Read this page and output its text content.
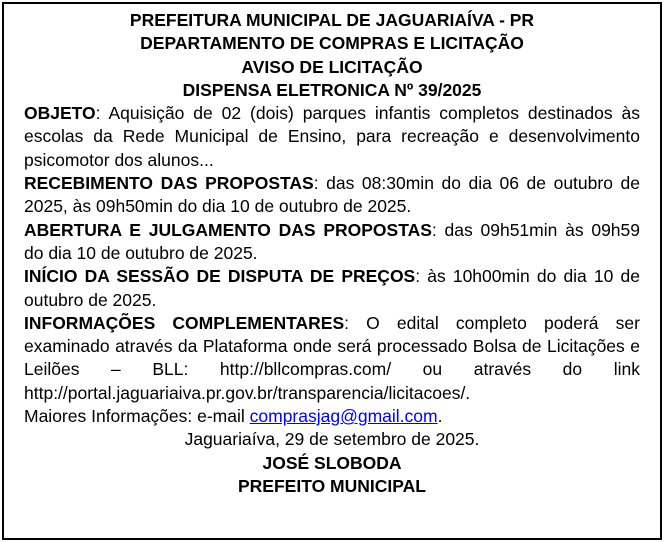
PREFEITURA MUNICIPAL DE JAGUARIAÍVA - PR
DEPARTAMENTO DE COMPRAS E LICITAÇÃO
AVISO DE LICITAÇÃO
DISPENSA ELETRONICA Nº 39/2025
OBJETO: Aquisição de 02 (dois) parques infantis completos destinados às escolas da Rede Municipal de Ensino, para recreação e desenvolvimento psicomotor dos alunos...
RECEBIMENTO DAS PROPOSTAS: das 08:30min do dia 06 de outubro de 2025, às 09h50min do dia 10 de outubro de 2025.
ABERTURA E JULGAMENTO DAS PROPOSTAS: das 09h51min às 09h59 do dia 10 de outubro de 2025.
INÍCIO DA SESSÃO DE DISPUTA DE PREÇOS: às 10h00min do dia 10 de outubro de 2025.
INFORMAÇÕES COMPLEMENTARES: O edital completo poderá ser examinado através da Plataforma onde será processado Bolsa de Licitações e Leilões – BLL: http://bllcompras.com/ ou através do link http://portal.jaguariaiva.pr.gov.br/transparencia/licitacoes/.
Maiores Informações: e-mail comprasjag@gmail.com.
Jaguariaíva, 29 de setembro de 2025.
JOSÉ SLOBODA
PREFEITO MUNICIPAL
